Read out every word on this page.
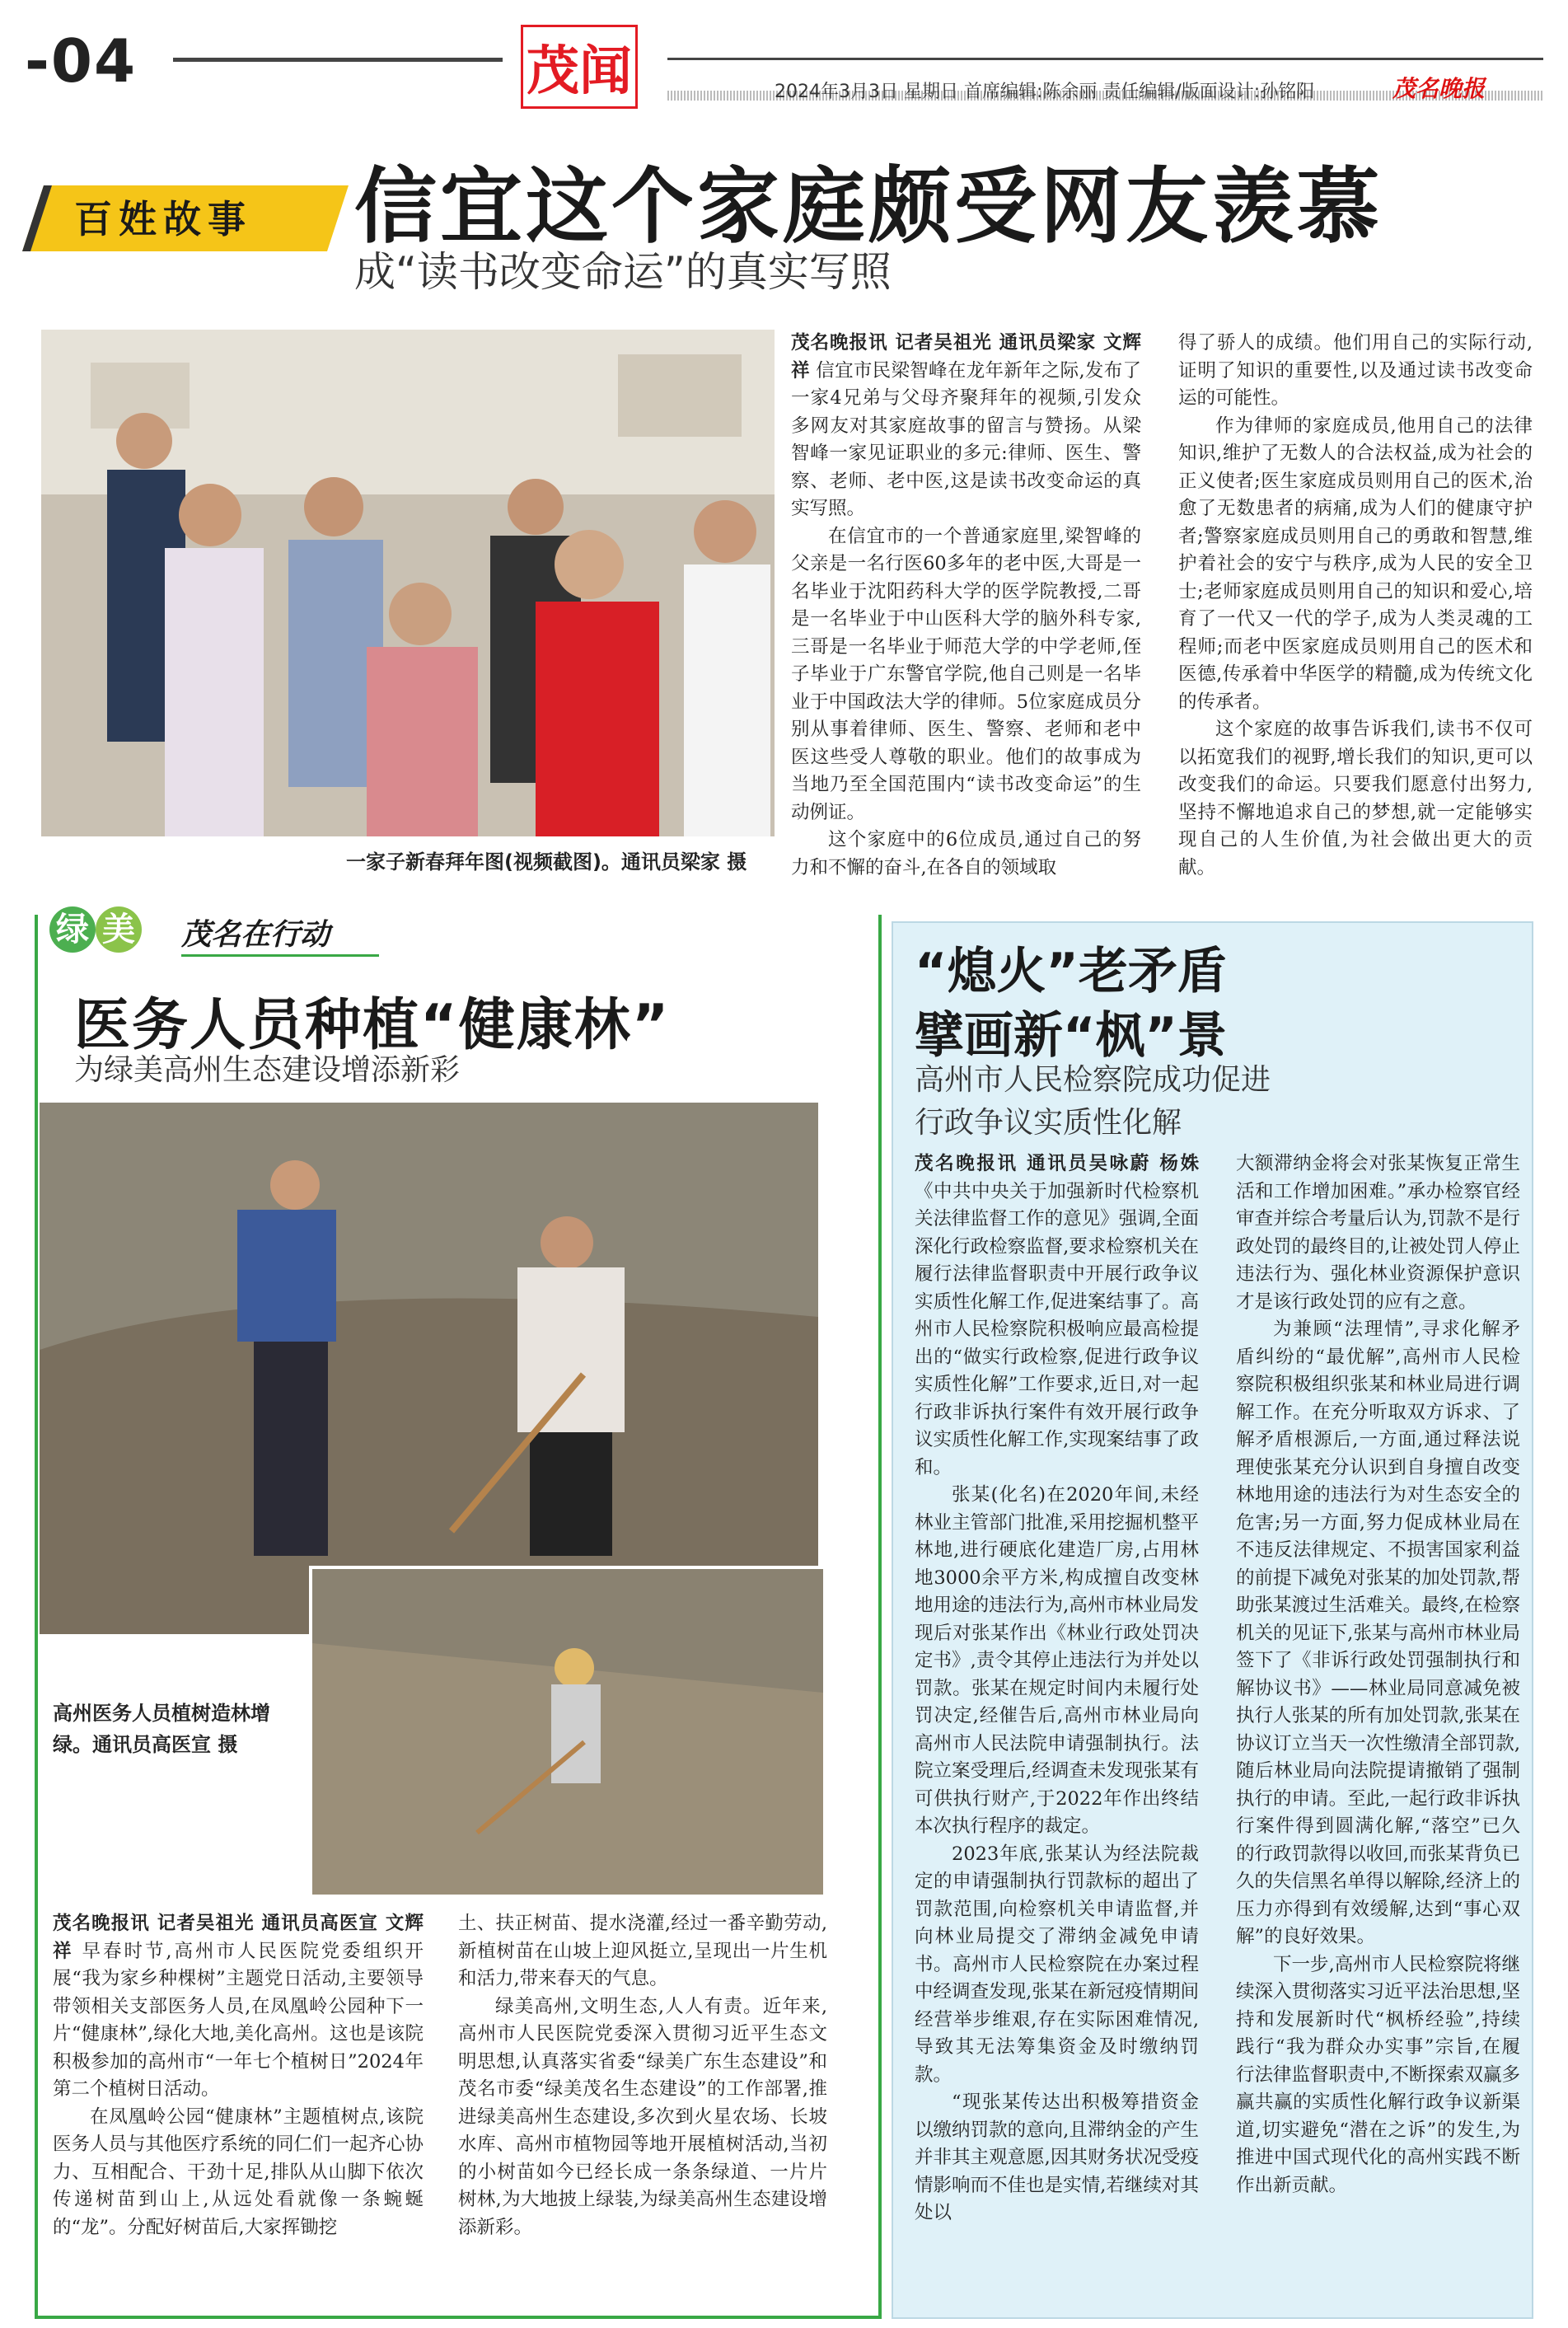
-04	茂闻	2024年3月3日 星期日 首席编辑:陈余丽 责任编辑/版面设计:孙铭阳	茂名晚报
百姓故事 信宜这个家庭颇受网友羡慕
成“读书改变命运”的真实写照
一家子新春拜年图(视频截图)。通讯员梁家 摄

茂名晚报讯 记者吴祖光 通讯员梁家 文辉祥 信宜市民梁智峰在龙年新年之际,发布了一家4兄弟与父母齐聚拜年的视频,引发众多网友对其家庭故事的留言与赞扬。从梁智峰一家见证职业的多元:律师、医生、警察、老师、老中医,这是读书改变命运的真实写照。

在信宜市的一个普通家庭里,梁智峰的父亲是一名行医60多年的老中医,大哥是一名毕业于沈阳药科大学的医学院教授,二哥是一名毕业于中山医科大学的脑外科专家,三哥是一名毕业于师范大学的中学老师,侄子毕业于广东警官学院,他自己则是一名毕业于中国政法大学的律师。5位家庭成员分别从事着律师、医生、警察、老师和老中医这些受人尊敬的职业。他们的故事成为当地乃至全国范围内“读书改变命运”的生动例证。

这个家庭中的6位成员,通过自己的努力和不懈的奋斗,在各自的领域取

得了骄人的成绩。他们用自己的实际行动,证明了知识的重要性,以及通过读书改变命运的可能性。

作为律师的家庭成员,他用自己的法律知识,维护了无数人的合法权益,成为社会的正义使者;医生家庭成员则用自己的医术,治愈了无数患者的病痛,成为人们的健康守护者;警察家庭成员则用自己的勇敢和智慧,维护着社会的安宁与秩序,成为人民的安全卫士;老师家庭成员则用自己的知识和爱心,培育了一代又一代的学子,成为人类灵魂的工程师;而老中医家庭成员则用自己的医术和医德,传承着中华医学的精髓,成为传统文化的传承者。

这个家庭的故事告诉我们,读书不仅可以拓宽我们的视野,增长我们的知识,更可以改变我们的命运。只要我们愿意付出努力,坚持不懈地追求自己的梦想,就一定能够实现自己的人生价值,为社会做出更大的贡献。

绿 美 茂名在行动
医务人员种植“健康林”
为绿美高州生态建设增添新彩
高州医务人员植树造林增绿。通讯员高医宣 摄

茂名晚报讯 记者吴祖光 通讯员高医宣 文辉祥 早春时节,高州市人民医院党委组织开展“我为家乡种棵树”主题党日活动,主要领导带领相关支部医务人员,在凤凰岭公园种下一片“健康林”,绿化大地,美化高州。这也是该院积极参加的高州市“一年七个植树日”2024年第二个植树日活动。

在凤凰岭公园“健康林”主题植树点,该院医务人员与其他医疗系统的同仁们一起齐心协力、互相配合、干劲十足,排队从山脚下依次传递树苗到山上,从远处看就像一条蜿蜒的“龙”。分配好树苗后,大家挥锄挖

土、扶正树苗、提水浇灌,经过一番辛勤劳动,新植树苗在山坡上迎风挺立,呈现出一片生机和活力,带来春天的气息。

绿美高州,文明生态,人人有责。近年来,高州市人民医院党委深入贯彻习近平生态文明思想,认真落实省委“绿美广东生态建设”和茂名市委“绿美茂名生态建设”的工作部署,推进绿美高州生态建设,多次到火星农场、长坡水库、高州市植物园等地开展植树活动,当初的小树苗如今已经长成一条条绿道、一片片树林,为大地披上绿装,为绿美高州生态建设增添新彩。

“熄火”老矛盾
擘画新“枫”景
高州市人民检察院成功促进
行政争议实质性化解

茂名晚报讯 通讯员吴咏蔚 杨姝 《中共中央关于加强新时代检察机关法律监督工作的意见》强调,全面深化行政检察监督,要求检察机关在履行法律监督职责中开展行政争议实质性化解工作,促进案结事了。高州市人民检察院积极响应最高检提出的“做实行政检察,促进行政争议实质性化解”工作要求,近日,对一起行政非诉执行案件有效开展行政争议实质性化解工作,实现案结事了政和。

张某(化名)在2020年间,未经林业主管部门批准,采用挖掘机整平林地,进行硬底化建造厂房,占用林地3000余平方米,构成擅自改变林地用途的违法行为,高州市林业局发现后对张某作出《林业行政处罚决定书》,责令其停止违法行为并处以罚款。张某在规定时间内未履行处罚决定,经催告后,高州市林业局向高州市人民法院申请强制执行。法院立案受理后,经调查未发现张某有可供执行财产,于2022年作出终结本次执行程序的裁定。

2023年底,张某认为经法院裁定的申请强制执行罚款标的超出了罚款范围,向检察机关申请监督,并向林业局提交了滞纳金减免申请书。高州市人民检察院在办案过程中经调查发现,张某在新冠疫情期间经营举步维艰,存在实际困难情况,导致其无法筹集资金及时缴纳罚款。

“现张某传达出积极筹措资金以缴纳罚款的意向,且滞纳金的产生并非其主观意愿,因其财务状况受疫情影响而不佳也是实情,若继续对其处以

大额滞纳金将会对张某恢复正常生活和工作增加困难。”承办检察官经审查并综合考量后认为,罚款不是行政处罚的最终目的,让被处罚人停止违法行为、强化林业资源保护意识才是该行政处罚的应有之意。

为兼顾“法理情”,寻求化解矛盾纠纷的“最优解”,高州市人民检察院积极组织张某和林业局进行调解工作。在充分听取双方诉求、了解矛盾根源后,一方面,通过释法说理使张某充分认识到自身擅自改变林地用途的违法行为对生态安全的危害;另一方面,努力促成林业局在不违反法律规定、不损害国家利益的前提下减免对张某的加处罚款,帮助张某渡过生活难关。最终,在检察机关的见证下,张某与高州市林业局签下了《非诉行政处罚强制执行和解协议书》——林业局同意减免被执行人张某的所有加处罚款,张某在协议订立当天一次性缴清全部罚款,随后林业局向法院提请撤销了强制执行的申请。至此,一起行政非诉执行案件得到圆满化解,“落空”已久的行政罚款得以收回,而张某背负已久的失信黑名单得以解除,经济上的压力亦得到有效缓解,达到“事心双解”的良好效果。

下一步,高州市人民检察院将继续深入贯彻落实习近平法治思想,坚持和发展新时代“枫桥经验”,持续践行“我为群众办实事”宗旨,在履行法律监督职责中,不断探索双赢多赢共赢的实质性化解行政争议新渠道,切实避免“潜在之诉”的发生,为推进中国式现代化的高州实践不断作出新贡献。
